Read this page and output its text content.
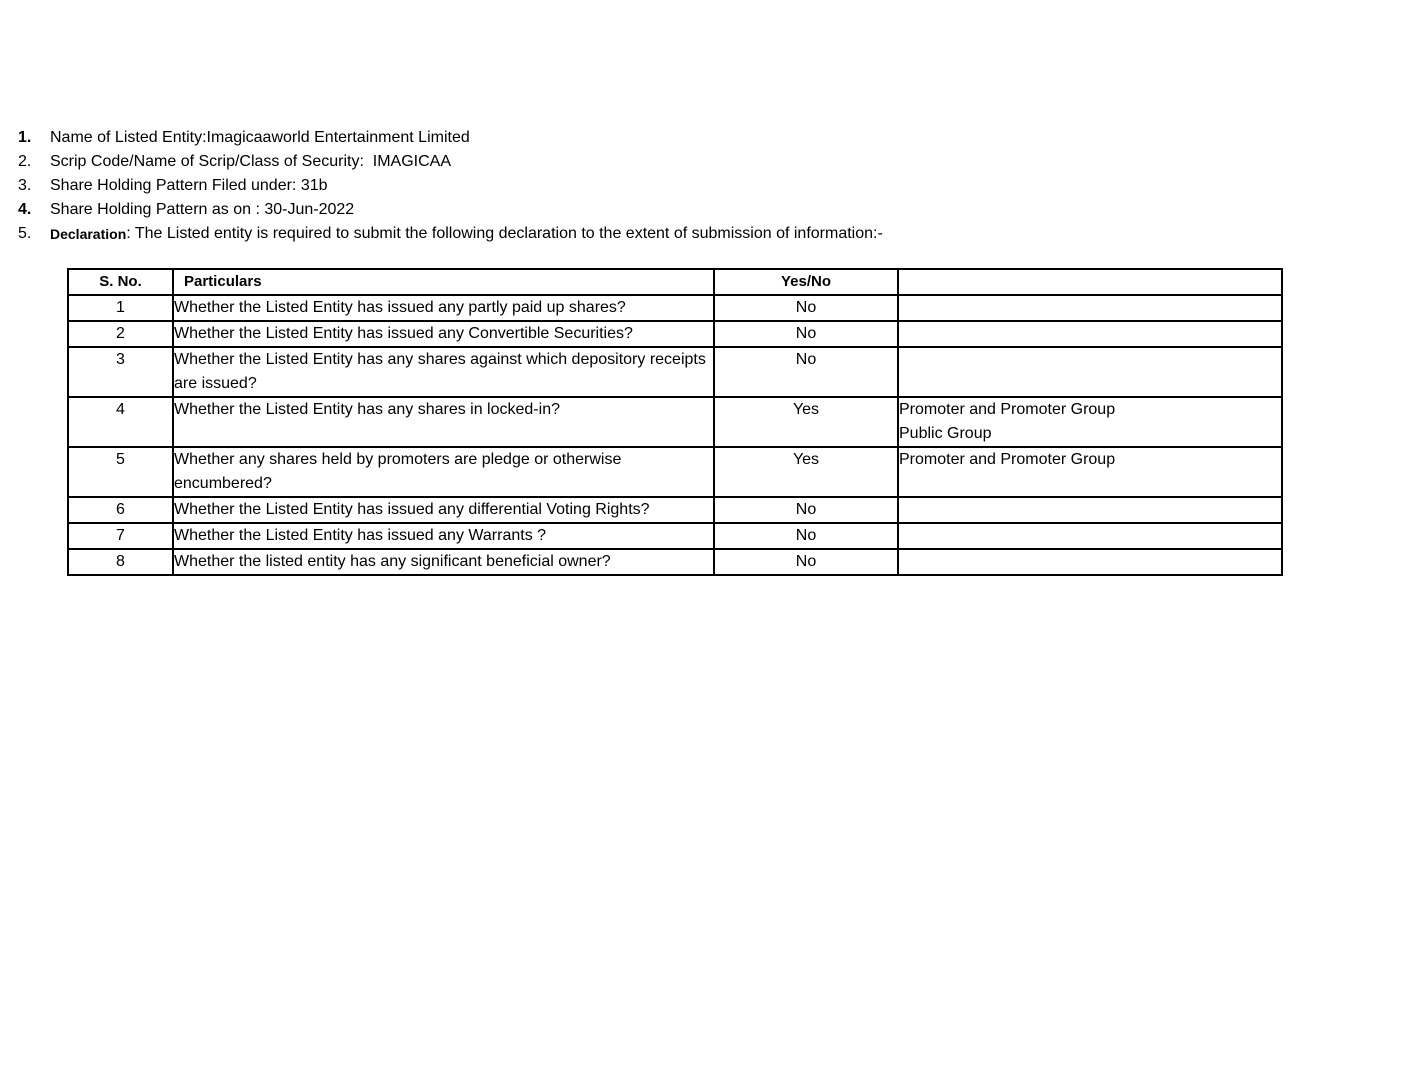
1.	Name of Listed Entity:Imagicaaworld Entertainment Limited
2.	Scrip Code/Name of Scrip/Class of Security:  IMAGICAA
3.	Share Holding Pattern Filed under: 31b
4.	Share Holding Pattern as on : 30-Jun-2022
5.	Declaration : The Listed entity is required to submit the following declaration to the extent of submission of information:-
S. No.	Particulars	Yes/No	
1	Whether the Listed Entity has issued any partly paid up shares?	No	
2	Whether the Listed Entity has issued any Convertible Securities?	No	
3	Whether the Listed Entity has any shares against which depository receipts are issued?	No	
4	Whether the Listed Entity has any shares in locked-in?	Yes	Promoter and Promoter Group
Public Group

5	Whether any shares held by promoters are pledge or otherwise encumbered?	Yes	Promoter and Promoter Group

6	Whether the Listed Entity has issued any differential Voting Rights?	No	
7	Whether the Listed Entity has issued any Warrants ?	No	
8	Whether the listed entity has any significant beneficial owner?	No	
